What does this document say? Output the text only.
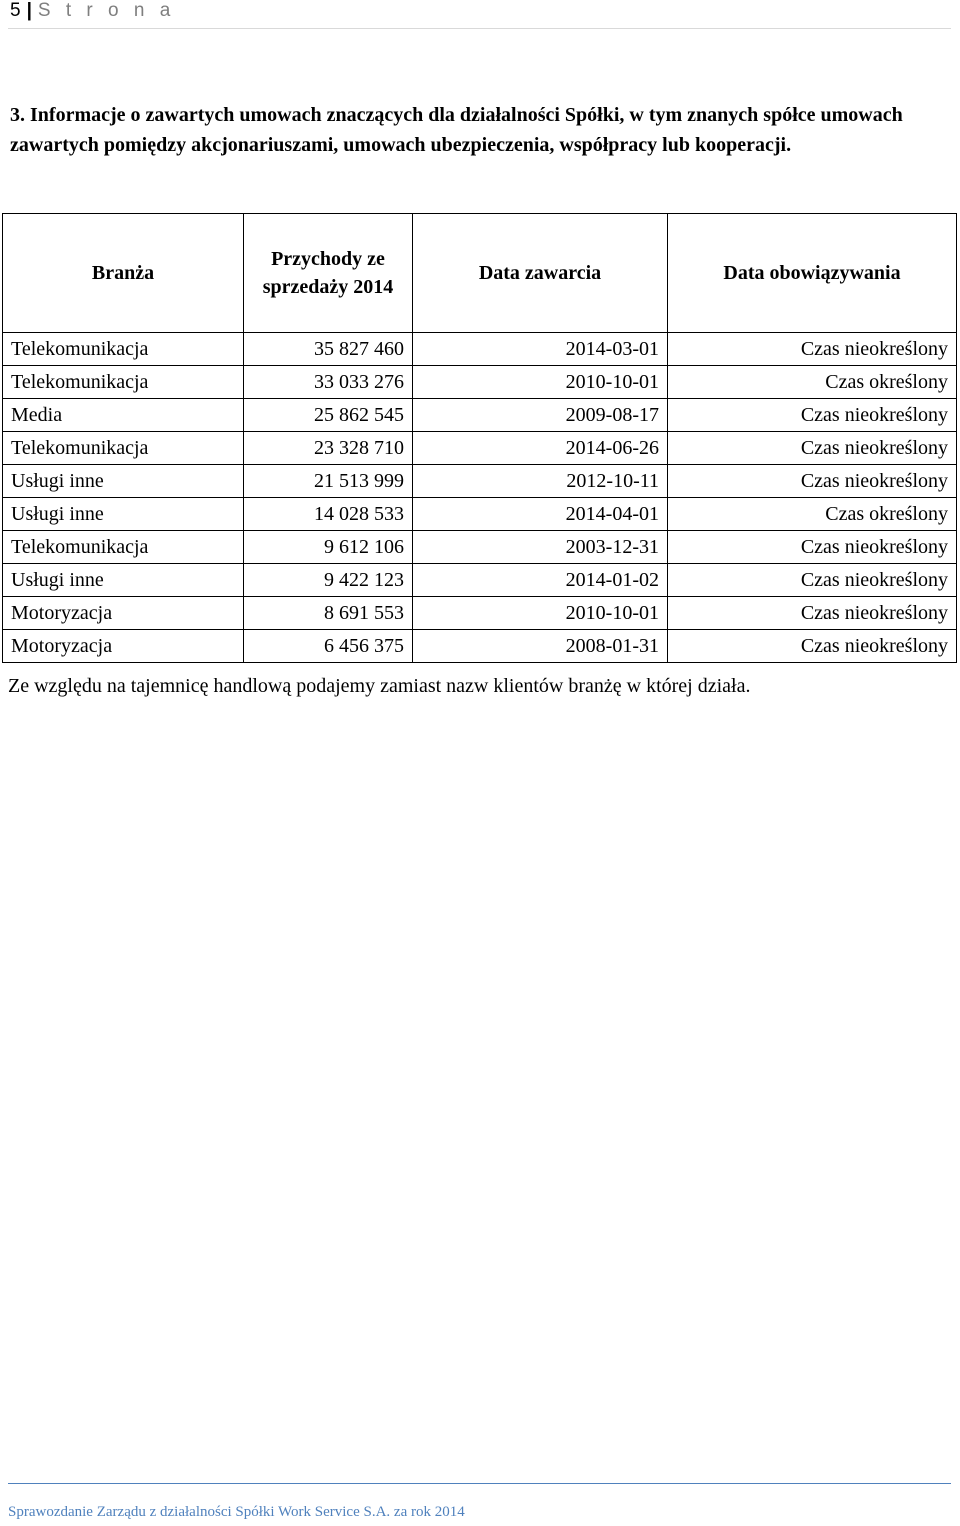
5 | S t r o n a

3. Informacje o zawartych umowach znaczących dla działalności Spółki, w tym znanych spółce umowach zawartych pomiędzy akcjonariuszami, umowach ubezpieczenia, współpracy lub kooperacji.

Branża	Przychody ze sprzedaży 2014	Data zawarcia	Data obowiązywania
Telekomunikacja	35 827 460	2014-03-01	Czas nieokreślony
Telekomunikacja	33 033 276	2010-10-01	Czas określony
Media	25 862 545	2009-08-17	Czas nieokreślony
Telekomunikacja	23 328 710	2014-06-26	Czas nieokreślony
Usługi inne	21 513 999	2012-10-11	Czas nieokreślony
Usługi inne	14 028 533	2014-04-01	Czas określony
Telekomunikacja	9 612 106	2003-12-31	Czas nieokreślony
Usługi inne	9 422 123	2014-01-02	Czas nieokreślony
Motoryzacja	8 691 553	2010-10-01	Czas nieokreślony
Motoryzacja	6 456 375	2008-01-31	Czas nieokreślony

Ze względu na tajemnicę handlową podajemy zamiast nazw klientów branżę w której działa.

Sprawozdanie Zarządu z działalności Spółki Work Service S.A. za rok 2014
